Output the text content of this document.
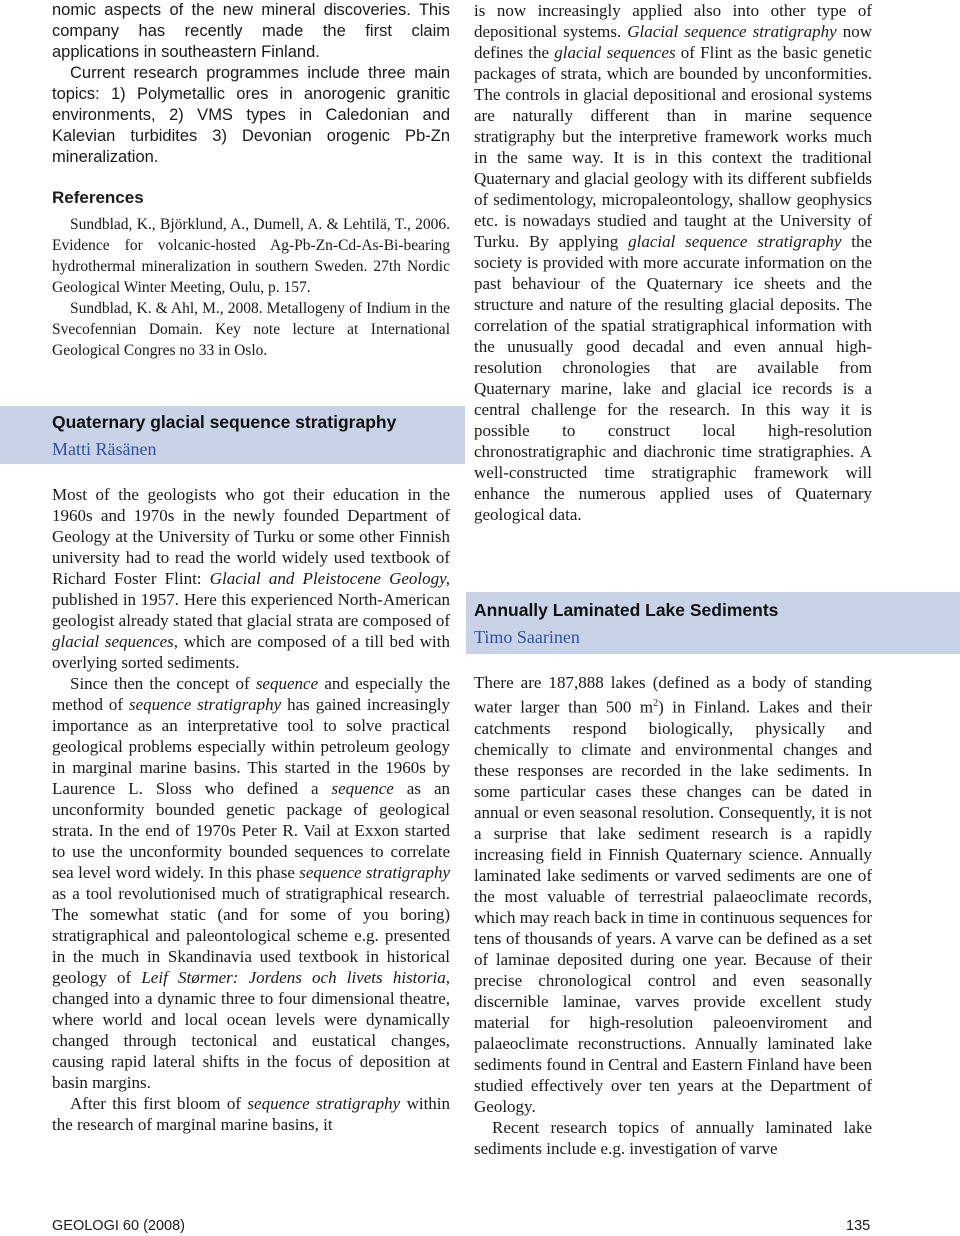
nomic aspects of the new mineral discoveries. This company has recently made the first claim applications in southeastern Finland.

Current research programmes include three main topics: 1) Polymetallic ores in anorogenic granitic environments, 2) VMS types in Caledonian and Kalevian turbidites 3) Devonian orogenic Pb-Zn mineralization.

References

Sundblad, K., Björklund, A., Dumell, A. & Lehtilä, T., 2006. Evidence for volcanic-hosted Ag-Pb-Zn-Cd-As-Bi-bearing hydrothermal mineralization in southern Sweden. 27th Nordic Geological Winter Meeting, Oulu, p. 157.

Sundblad, K. & Ahl, M., 2008. Metallogeny of Indium in the Svecofennian Domain. Key note lecture at International Geological Congres no 33 in Oslo.

Quaternary glacial sequence stratigraphy
Matti Räsänen

Most of the geologists who got their education in the 1960s and 1970s in the newly founded Department of Geology at the University of Turku or some other Finnish university had to read the world widely used textbook of Richard Foster Flint: Glacial and Pleistocene Geology, published in 1957. Here this experienced North-American geologist already stated that glacial strata are composed of glacial sequences, which are composed of a till bed with overlying sorted sediments.

Since then the concept of sequence and especially the method of sequence stratigraphy has gained increasingly importance as an interpretative tool to solve practical geological problems especially within petroleum geology in marginal marine basins. This started in the 1960s by Laurence L. Sloss who defined a sequence as an unconformity bounded genetic package of geological strata. In the end of 1970s Peter R. Vail at Exxon started to use the unconformity bounded sequences to correlate sea level word widely. In this phase sequence stratigraphy as a tool revolutionised much of stratigraphical research. The somewhat static (and for some of you boring) stratigraphical and paleontological scheme e.g. presented in the much in Skandinavia used textbook in historical geology of Leif Størmer: Jordens och livets historia, changed into a dynamic three to four dimensional theatre, where world and local ocean levels were dynamically changed through tectonical and eustatical changes, causing rapid lateral shifts in the focus of deposition at basin margins.

After this first bloom of sequence stratigraphy within the research of marginal marine basins, it

is now increasingly applied also into other type of depositional systems. Glacial sequence stratigraphy now defines the glacial sequences of Flint as the basic genetic packages of strata, which are bounded by unconformities. The controls in glacial depositional and erosional systems are naturally different than in marine sequence stratigraphy but the interpretive framework works much in the same way. It is in this context the traditional Quaternary and glacial geology with its different subfields of sedimentology, micropaleontology, shallow geophysics etc. is nowadays studied and taught at the University of Turku. By applying glacial sequence stratigraphy the society is provided with more accurate information on the past behaviour of the Quaternary ice sheets and the structure and nature of the resulting glacial deposits. The correlation of the spatial stratigraphical information with the unusually good decadal and even annual high-resolution chronologies that are available from Quaternary marine, lake and glacial ice records is a central challenge for the research. In this way it is possible to construct local high-resolution chronostratigraphic and diachronic time stratigraphies. A well-constructed time stratigraphic framework will enhance the numerous applied uses of Quaternary geological data.

Annually Laminated Lake Sediments
Timo Saarinen

There are 187,888 lakes (defined as a body of standing water larger than 500 $m^2$) in Finland. Lakes and their catchments respond biologically, physically and chemically to climate and environmental changes and these responses are recorded in the lake sediments. In some particular cases these changes can be dated in annual or even seasonal resolution. Consequently, it is not a surprise that lake sediment research is a rapidly increasing field in Finnish Quaternary science. Annually laminated lake sediments or varved sediments are one of the most valuable of terrestrial palaeoclimate records, which may reach back in time in continuous sequences for tens of thousands of years. A varve can be defined as a set of laminae deposited during one year. Because of their precise chronological control and even seasonally discernible laminae, varves provide excellent study material for high-resolution paleoenviroment and palaeoclimate reconstructions. Annually laminated lake sediments found in Central and Eastern Finland have been studied effectively over ten years at the Department of Geology.

Recent research topics of annually laminated lake sediments include e.g. investigation of varve

GEOLOGI 60 (2008)	135
